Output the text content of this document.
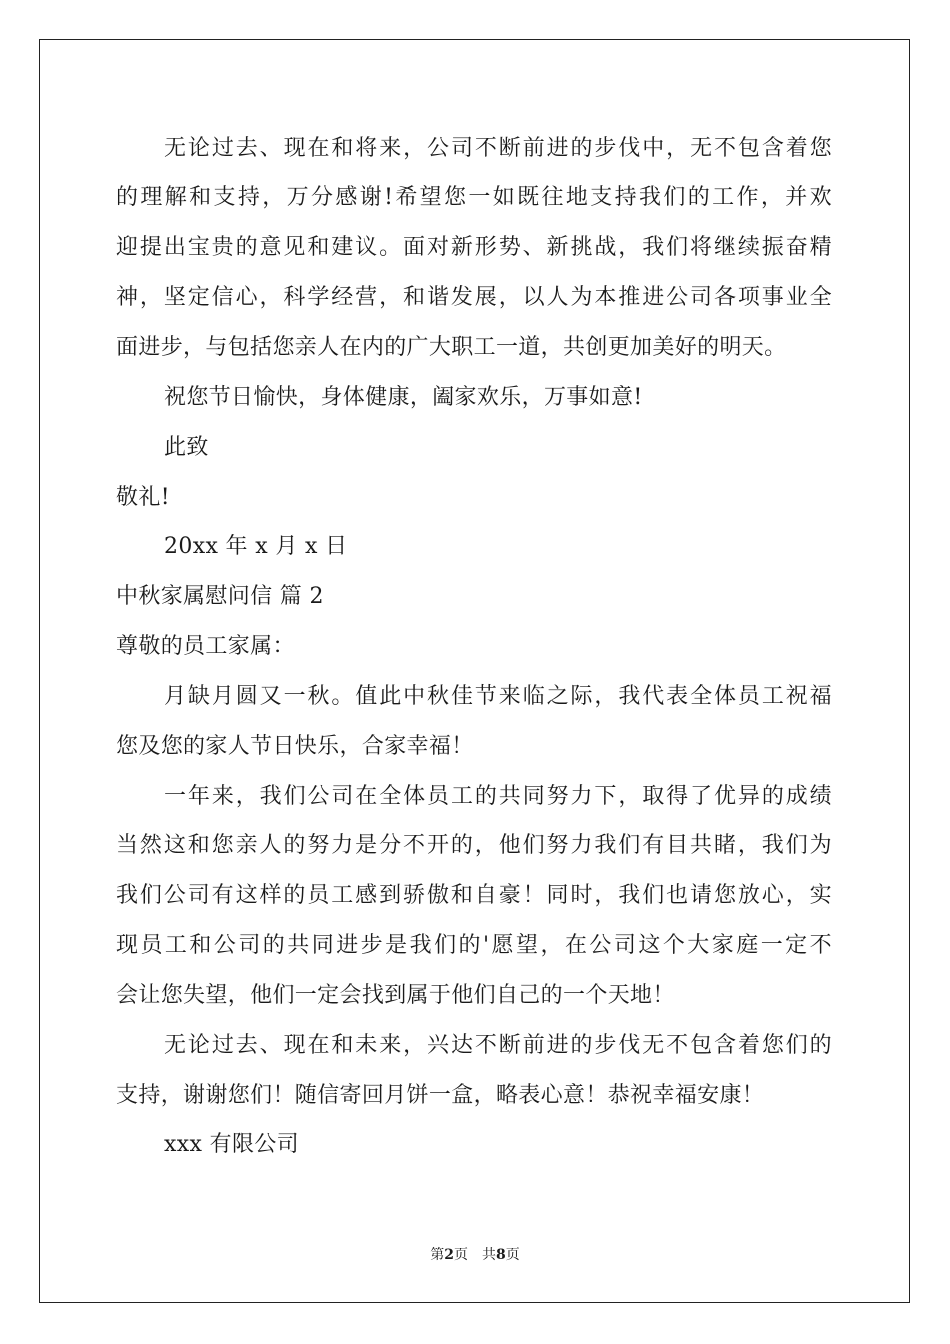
无论过去、现在和将来，公司不断前进的步伐中，无不包含着您
的理解和支持，万分感谢!希望您一如既往地支持我们的工作，并欢
迎提出宝贵的意见和建议。面对新形势、新挑战，我们将继续振奋精
神，坚定信心，科学经营，和谐发展，以人为本推进公司各项事业全
面进步，与包括您亲人在内的广大职工一道，共创更加美好的明天。
祝您节日愉快，身体健康，阖家欢乐，万事如意!
此致
敬礼!
20xx 年 x 月 x 日
中秋家属慰问信 篇 2
尊敬的员工家属：
月缺月圆又一秋。值此中秋佳节来临之际，我代表全体员工祝福
您及您的家人节日快乐，合家幸福！
一年来，我们公司在全体员工的共同努力下，取得了优异的成绩
当然这和您亲人的努力是分不开的，他们努力我们有目共睹，我们为
我们公司有这样的员工感到骄傲和自豪！同时，我们也请您放心，实
现员工和公司的共同进步是我们的'愿望，在公司这个大家庭一定不
会让您失望，他们一定会找到属于他们自己的一个天地！
无论过去、现在和未来，兴达不断前进的步伐无不包含着您们的
支持，谢谢您们！随信寄回月饼一盒，略表心意！恭祝幸福安康！
xxx 有限公司
第2页 共8页
